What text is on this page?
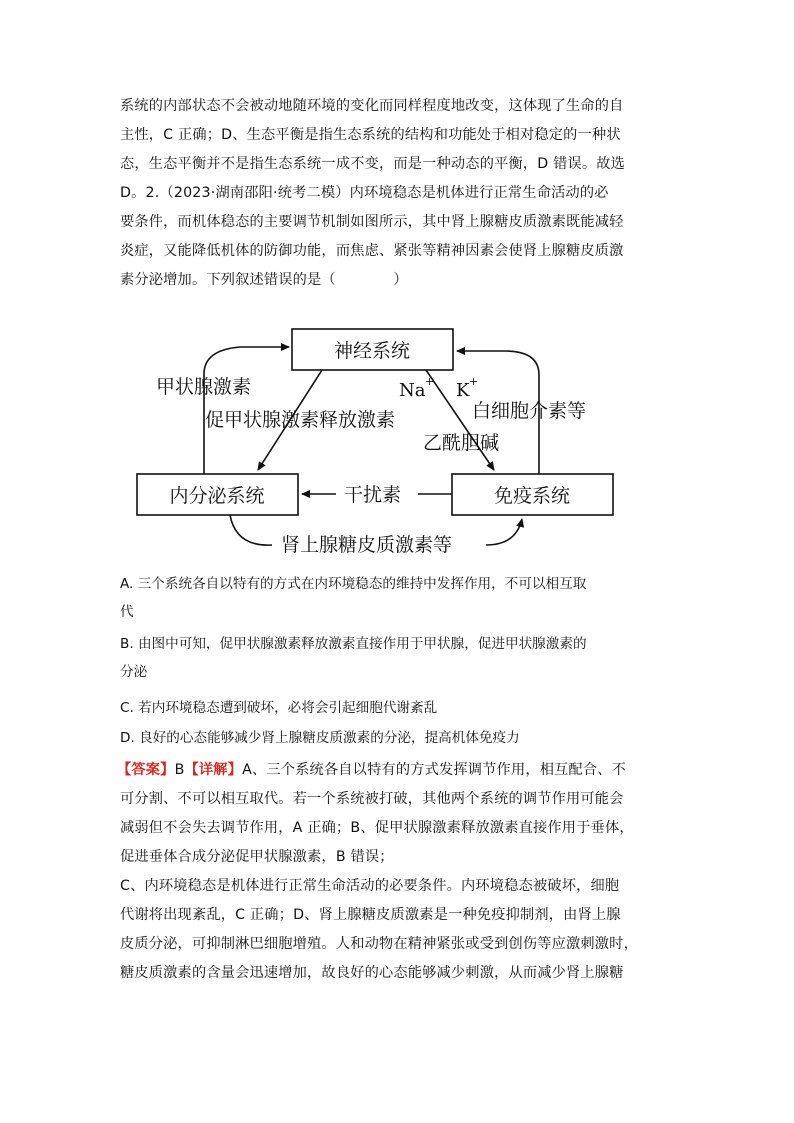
系统的内部状态不会被动地随环境的变化而同样程度地改变，这体现了生命的自
主性，C 正确；D、生态平衡是指生态系统的结构和功能处于相对稳定的一种状
态，生态平衡并不是指生态系统一成不变，而是一种动态的平衡，D 错误。故选
D。2.（2023·湖南邵阳·统考二模）内环境稳态是机体进行正常生命活动的必
要条件，而机体稳态的主要调节机制如图所示，其中肾上腺糖皮质激素既能减轻
炎症，又能降低机体的防御功能，而焦虑、紧张等精神因素会使肾上腺糖皮质激
素分泌增加。下列叙述错误的是（　　　　）
神经系统
内分泌系统	免疫系统
甲状腺激素
促甲状腺激素释放激素
Na + K +
白细胞介素等
乙酰胆碱
干扰素
肾上腺糖皮质激素等
A. 三个系统各自以特有的方式在内环境稳态的维持中发挥作用，不可以相互取
代
B. 由图中可知，促甲状腺激素释放激素直接作用于甲状腺，促进甲状腺激素的
分泌
C. 若内环境稳态遭到破坏，必将会引起细胞代谢紊乱
D. 良好的心态能够减少肾上腺糖皮质激素的分泌，提高机体免疫力
【答案】B【详解】A、三个系统各自以特有的方式发挥调节作用，相互配合、不
可分割、不可以相互取代。若一个系统被打破，其他两个系统的调节作用可能会
减弱但不会失去调节作用，A 正确；B、促甲状腺激素释放激素直接作用于垂体，
促进垂体合成分泌促甲状腺激素，B 错误；
C、内环境稳态是机体进行正常生命活动的必要条件。内环境稳态被破坏，细胞
代谢将出现紊乱，C 正确；D、肾上腺糖皮质激素是一种免疫抑制剂，由肾上腺
皮质分泌，可抑制淋巴细胞增殖。人和动物在精神紧张或受到创伤等应激刺激时，
糖皮质激素的含量会迅速增加，故良好的心态能够减少刺激，从而减少肾上腺糖
